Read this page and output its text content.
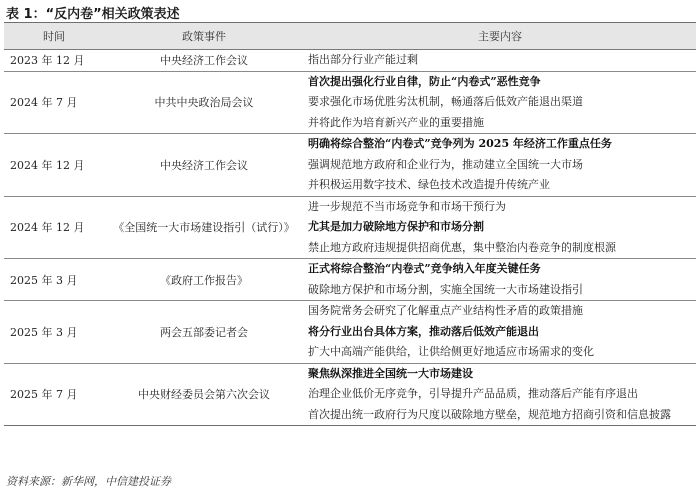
表 1：“反内卷”相关政策表述
时间	政策事件	主要内容
2023 年 12 月	中央经济工作会议	指出部分行业产能过剩

2024 年 7 月	中共中央政治局会议	首次提出强化行业自律，防止“内卷式”恶性竞争
要求强化市场优胜劣汰机制，畅通落后低效产能退出渠道
并将此作为培育新兴产业的重要措施

2024 年 12 月	中央经济工作会议	明确将综合整治“内卷式”竞争列为 2025 年经济工作重点任务
强调规范地方政府和企业行为，推动建立全国统一大市场
并积极运用数字技术、绿色技术改造提升传统产业

2024 年 12 月	《全国统一大市场建设指引（试行）》	进一步规范不当市场竞争和市场干预行为
尤其是加力破除地方保护和市场分割
禁止地方政府违规提供招商优惠，集中整治内卷竞争的制度根源

2025 年 3 月	《政府工作报告》	正式将综合整治“内卷式”竞争纳入年度关键任务
破除地方保护和市场分割，实施全国统一大市场建设指引

2025 年 3 月	两会五部委记者会	国务院常务会研究了化解重点产业结构性矛盾的政策措施
将分行业出台具体方案，推动落后低效产能退出
扩大中高端产能供给，让供给侧更好地适应市场需求的变化

2025 年 7 月	中央财经委员会第六次会议	聚焦纵深推进全国统一大市场建设
治理企业低价无序竞争，引导提升产品品质，推动落后产能有序退出
首次提出统一政府行为尺度以破除地方壁垒，规范地方招商引资和信息披露
资料来源：新华网，中信建投证券
